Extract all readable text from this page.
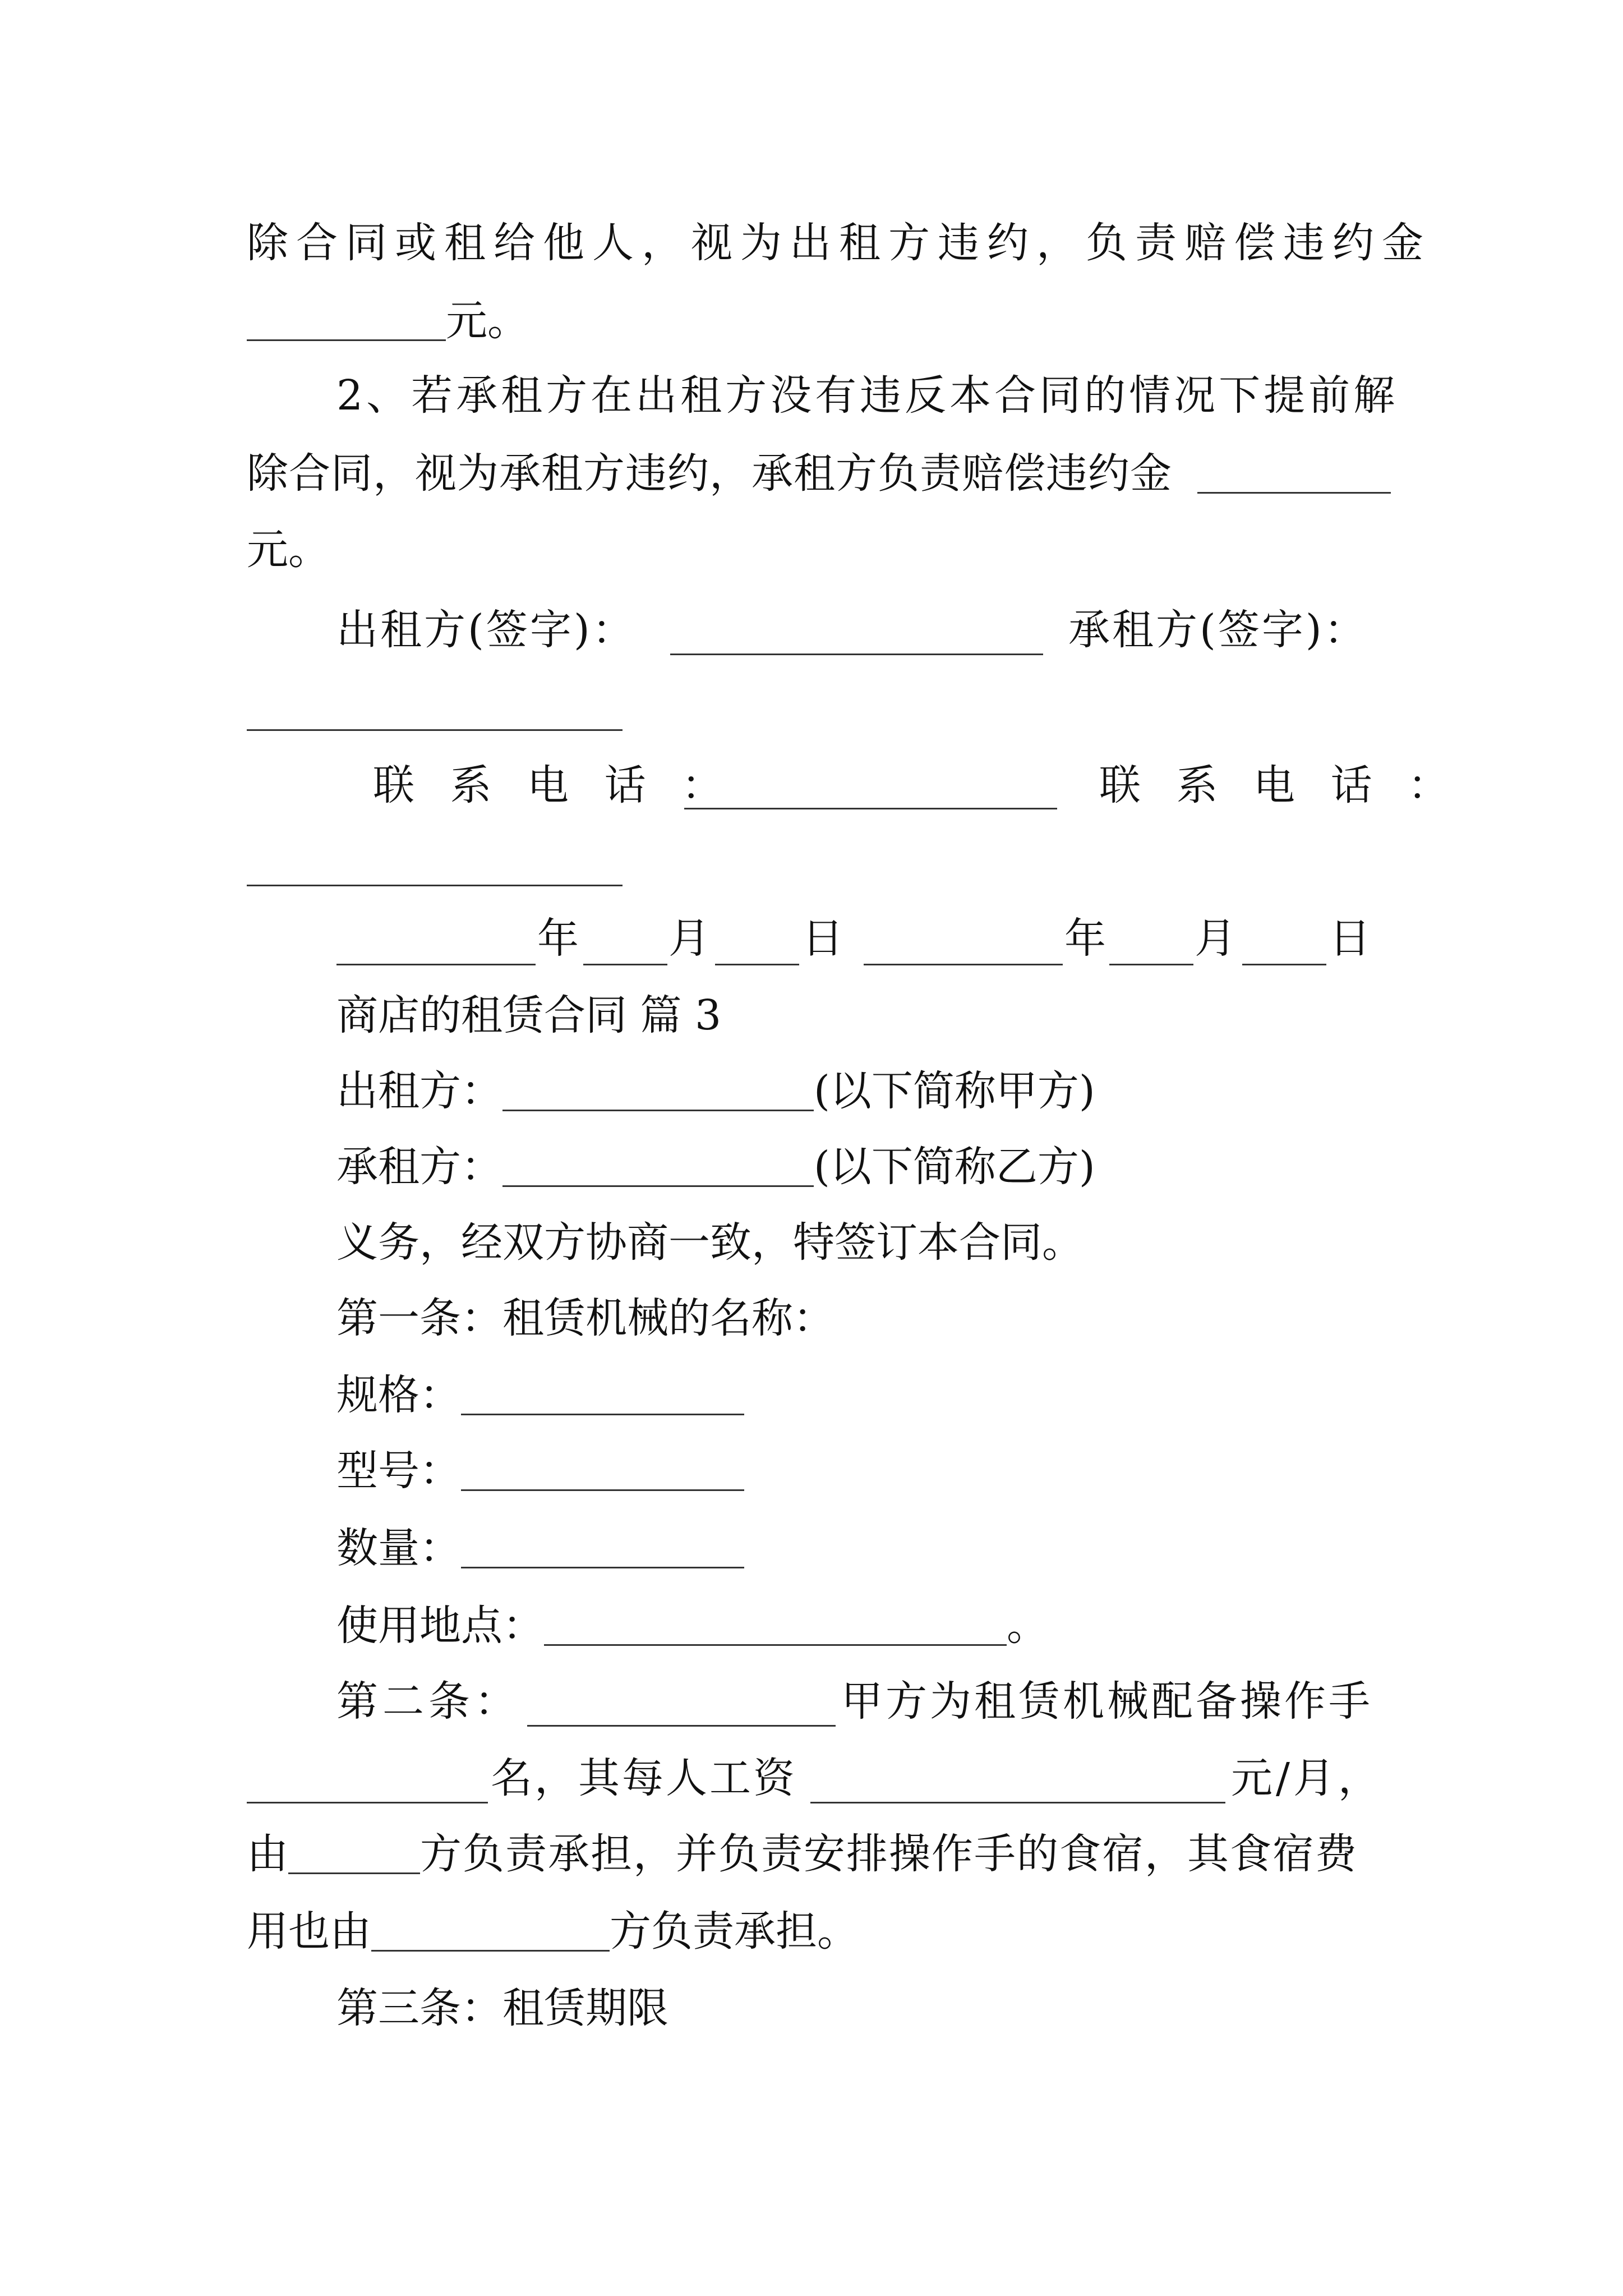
除合同或租给他人，视为出租方违约，负责赔偿违约金
元。
2、若承租方在出租方没有违反本合同的情况下提前解
除合同，视为承租方违约，承租方负责赔偿违约金
元。
出租方(签字)：	承租方(签字)：
联 系 电 话 ：	联 系 电 话 ：
年 月 日	年 月 日
商店的租赁合同 篇 3
出租方：	(以下简称甲方)
承租方：	(以下简称乙方)
义务，经双方协商一致，特签订本合同。
第一条：租赁机械的名称：
规格：
型号：
数量：
使用地点：	。
第二条：	甲方为租赁机械配备操作手
名，其每人工资	元/月，
由	方负责承担，并负责安排操作手的食宿，其食宿费
用也由	方负责承担。
第三条：租赁期限
